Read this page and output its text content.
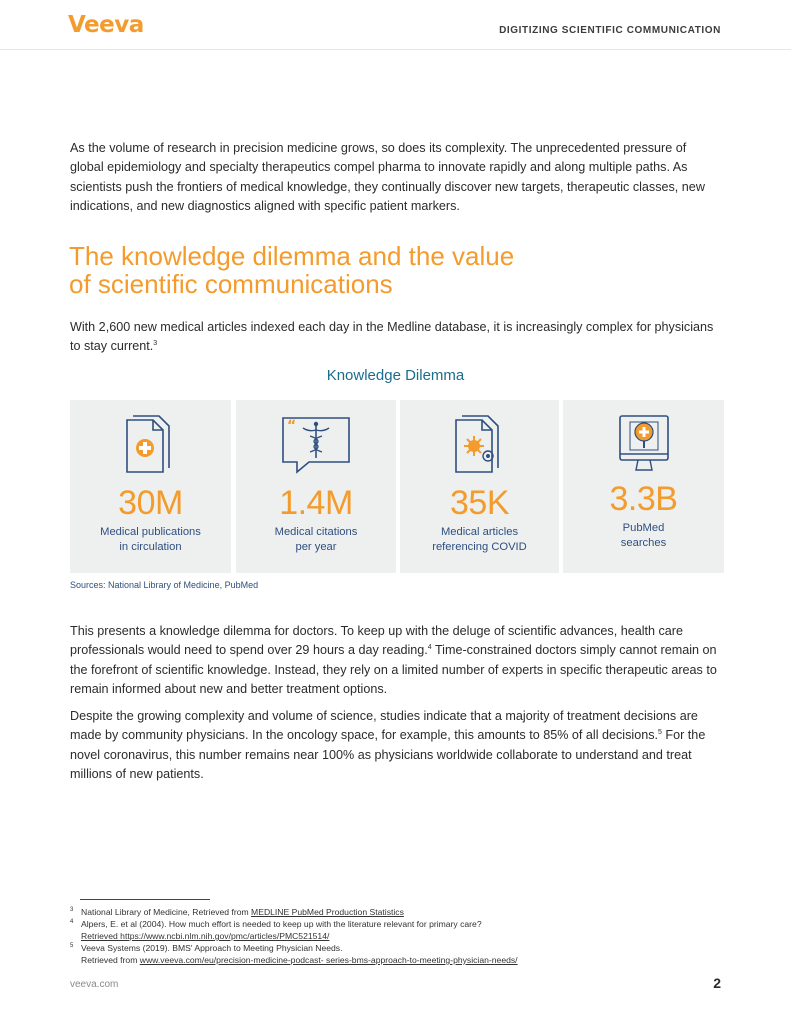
Veeva	DIGITIZING SCIENTIFIC COMMUNICATION

As the volume of research in precision medicine grows, so does its complexity. The unprecedented pressure of global epidemiology and specialty therapeutics compel pharma to innovate rapidly and along multiple paths. As scientists push the frontiers of medical knowledge, they continually discover new targets, therapeutic classes, new indications, and new diagnostics aligned with specific patient markers.

The knowledge dilemma and the value
of scientific communications

With 2,600 new medical articles indexed each day in the Medline database, it is increasingly complex for physicians to stay current.$^3$

Knowledge Dilemma
30M
Medical publications
in circulation
“
1.4M
Medical citations
per year
35K
Medical articles
referencing COVID
3.3B
PubMed
searches
Sources: National Library of Medicine, PubMed

This presents a knowledge dilemma for doctors. To keep up with the deluge of scientific advances, health care professionals would need to spend over 29 hours a day reading.$^4$ Time-constrained doctors simply cannot remain on the forefront of scientific knowledge. Instead, they rely on a limited number of experts in specific therapeutic areas to remain informed about new and better treatment options.

Despite the growing complexity and volume of science, studies indicate that a majority of treatment decisions are made by community physicians. In the oncology space, for example, this amounts to 85% of all decisions.$^5$ For the novel coronavirus, this number remains near 100% as physicians worldwide collaborate to understand and treat millions of new patients.

3 National Library of Medicine, Retrieved from MEDLINE PubMed Production Statistics
4 Alpers, E. et al (2004). How much effort is needed to keep up with the literature relevant for primary care?
Retrieved https://www.ncbi.nlm.nih.gov/pmc/articles/PMC521514/
5 Veeva Systems (2019). BMS' Approach to Meeting Physician Needs.
Retrieved from www.veeva.com/eu/precision-medicine-podcast- series-bms-approach-to-meeting-physician-needs/
veeva.com	2
